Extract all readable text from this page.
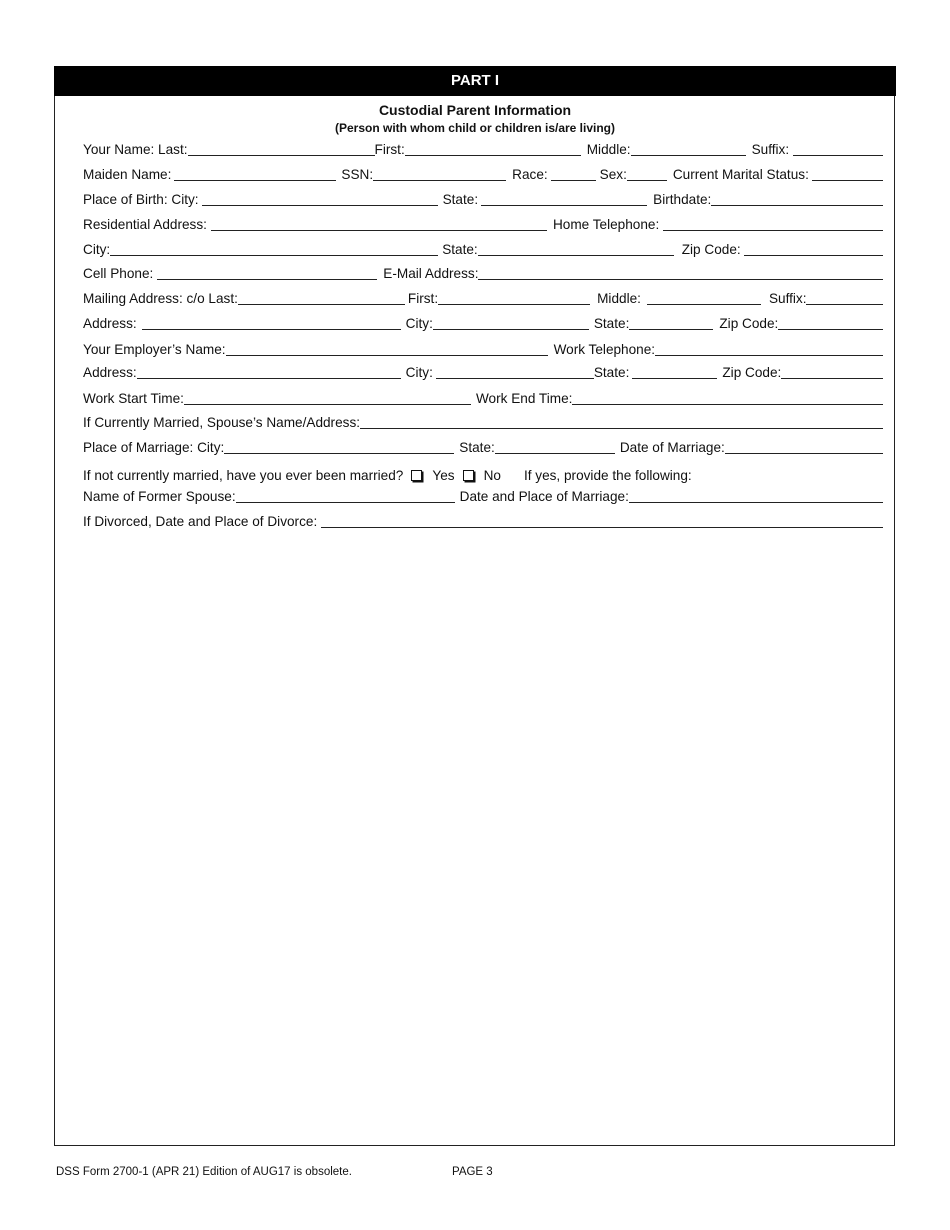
PART I
Custodial Parent Information
(Person with whom child or children is/are living)
Your Name: Last:	First:	Middle:	Suffix:
Maiden Name:	SSN:	Race:	Sex:	Current Marital Status:
Place of Birth: City:	State:	Birthdate:
Residential Address:	Home Telephone:
City:	State:	Zip Code:
Cell Phone:	E-Mail Address:
Mailing Address: c/o Last:	First:	Middle:	Suffix:
Address:	City:	State:	Zip Code:
Your Employer’s Name:	Work Telephone:
Address:	City:	State:	Zip Code:
Work Start Time:	Work End Time:
If Currently Married, Spouse’s Name/Address:
Place of Marriage: City:	State:	Date of Marriage:
If not currently married, have you ever been married? Yes No If yes, provide the following:
Name of Former Spouse:	Date and Place of Marriage:
If Divorced, Date and Place of Divorce:
DSS Form 2700-1 (APR 21) Edition of AUG17 is obsolete.	PAGE 3
